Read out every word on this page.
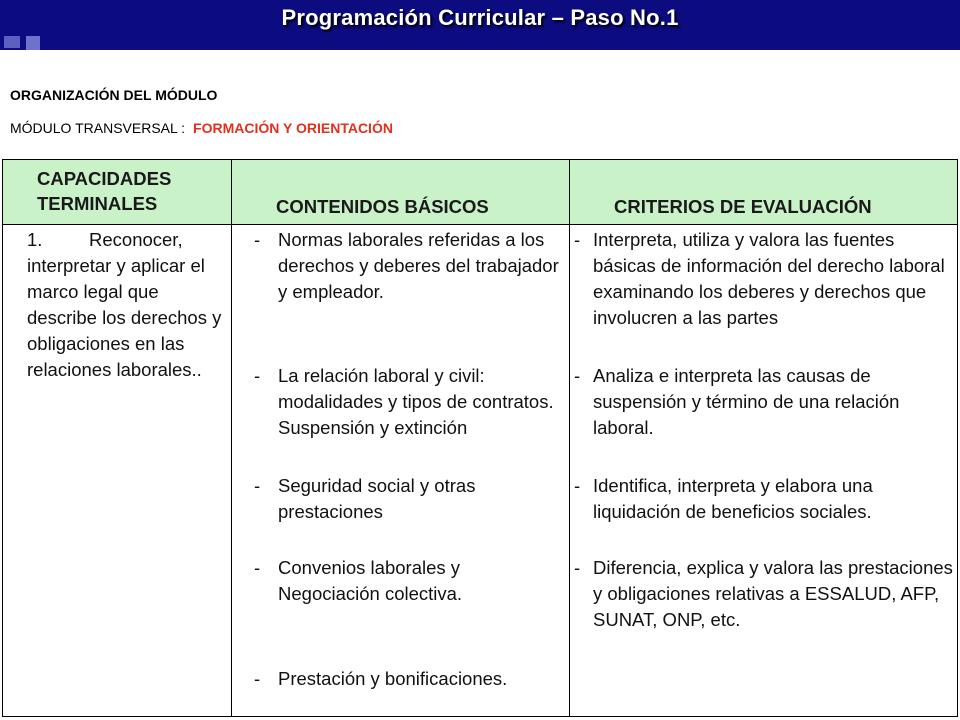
Programación Curricular – Paso No.1
ORGANIZACIÓN DEL MÓDULO
MÓDULO TRANSVERSAL : FORMACIÓN Y ORIENTACIÓN
CAPACIDADES
TERMINALES
1.	Reconocer, interpretar y aplicar el marco legal que describe los derechos y obligaciones en las relaciones laborales..
CONTENIDOS BÁSICOS
- Normas laborales referidas a los derechos y deberes del trabajador y empleador.
- La relación laboral y civil: modalidades y tipos de contratos. Suspensión y extinción
- Seguridad social y otras prestaciones
- Convenios laborales y Negociación colectiva.
- Prestación y bonificaciones.
CRITERIOS DE EVALUACIÓN
- Interpreta, utiliza y valora las fuentes básicas de información del derecho laboral examinando los deberes y derechos que involucren a las partes
- Analiza e interpreta las causas de suspensión y término de una relación laboral.
- Identifica, interpreta y elabora una liquidación de beneficios sociales.
- Diferencia, explica y valora las prestaciones y obligaciones relativas a ESSALUD, AFP, SUNAT, ONP, etc.
